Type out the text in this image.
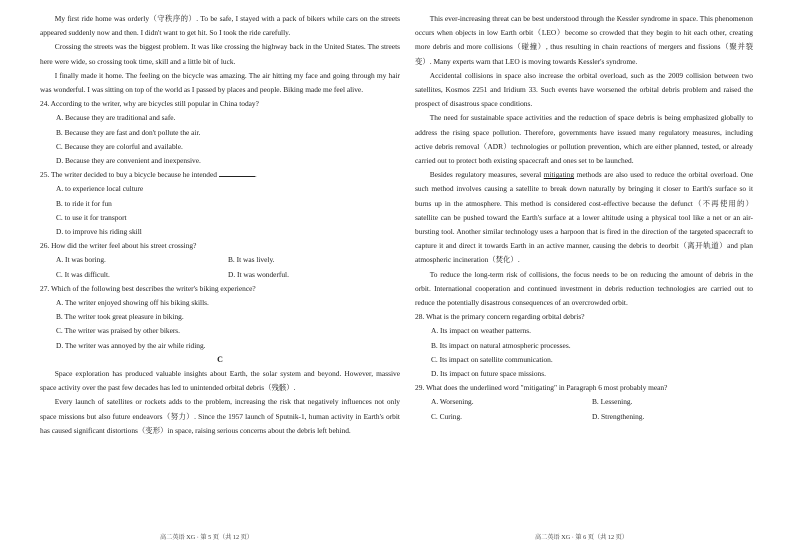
My first ride home was orderly（守秩序的）. To be safe, I stayed with a pack of bikers while cars on the streets appeared suddenly now and then. I didn't want to get hit. So I took the ride carefully.

Crossing the streets was the biggest problem. It was like crossing the highway back in the United States. The streets here were wide, so crossing took time, skill and a little bit of luck.

I finally made it home. The feeling on the bicycle was amazing. The air hitting my face and going through my hair was wonderful. I was sitting on top of the world as I passed by places and people. Biking made me feel alive.

24. According to the writer, why are bicycles still popular in China today?

A. Because they are traditional and safe.

B. Because they are fast and don't pollute the air.

C. Because they are colorful and available.

D. Because they are convenient and inexpensive.

25. The writer decided to buy a bicycle because he intended	.

A. to experience local culture

B. to ride it for fun

C. to use it for transport

D. to improve his riding skill

26. How did the writer feel about his street crossing?

A. It was boring.	B. It was lively.
C. It was difficult.	D. It was wonderful.

27. Which of the following best describes the writer's biking experience?

A. The writer enjoyed showing off his biking skills.

B. The writer took great pleasure in biking.

C. The writer was praised by other bikers.

D. The writer was annoyed by the air while riding.

C

Space exploration has produced valuable insights about Earth, the solar system and beyond. However, massive space activity over the past few decades has led to unintended orbital debris（残骸）.

Every launch of satellites or rockets adds to the problem, increasing the risk that negatively influences not only space missions but also future endeavors（努力）. Since the 1957 launch of Sputnik-1, human activity in Earth's orbit has caused significant distortions（变形）in space, raising serious concerns about the debris left behind.

This ever-increasing threat can be best understood through the Kessler syndrome in space. This phenomenon occurs when objects in low Earth orbit（LEO）become so crowded that they begin to hit each other, creating more debris and more collisions（碰撞）, thus resulting in chain reactions of mergers and fissions（聚并裂变）. Many experts warn that LEO is moving towards Kessler's syndrome.

Accidental collisions in space also increase the orbital overload, such as the 2009 collision between two satellites, Kosmos 2251 and Iridium 33. Such events have worsened the orbital debris problem and raised the prospect of disastrous space conditions.

The need for sustainable space activities and the reduction of space debris is being emphasized globally to address the rising space pollution. Therefore, governments have issued many regulatory measures, including active debris removal（ADR）technologies or pollution prevention, which are either planned, tested, or already carried out to protect both existing spacecraft and ones set to be launched.

Besides regulatory measures, several mitigating methods are also used to reduce the orbital overload. One such method involves causing a satellite to break down naturally by bringing it closer to Earth's surface so it burns up in the atmosphere. This method is considered cost-effective because the defunct（不再使用的）satellite can be pushed toward the Earth's surface at a lower altitude using a physical tool like a net or an air-bursting tool. Another similar technology uses a harpoon that is fired in the direction of the targeted spacecraft to capture it and direct it towards Earth in an active manner, causing the debris to deorbit（离开轨道）and plan atmospheric incineration（焚化）.

To reduce the long-term risk of collisions, the focus needs to be on reducing the amount of debris in the orbit. International cooperation and continued investment in debris reduction technologies are carried out to reduce the potentially disastrous consequences of an overcrowded orbit.

28. What is the primary concern regarding orbital debris?

A. Its impact on weather patterns.

B. Its impact on natural atmospheric processes.

C. Its impact on satellite communication.

D. Its impact on future space missions.

29. What does the underlined word "mitigating" in Paragraph 6 most probably mean?

A. Worsening.	B. Lessening.
C. Curing.	D. Strengthening.
高二英语 XG · 第 5 页（共 12 页）	高二英语 XG · 第 6 页（共 12 页）
